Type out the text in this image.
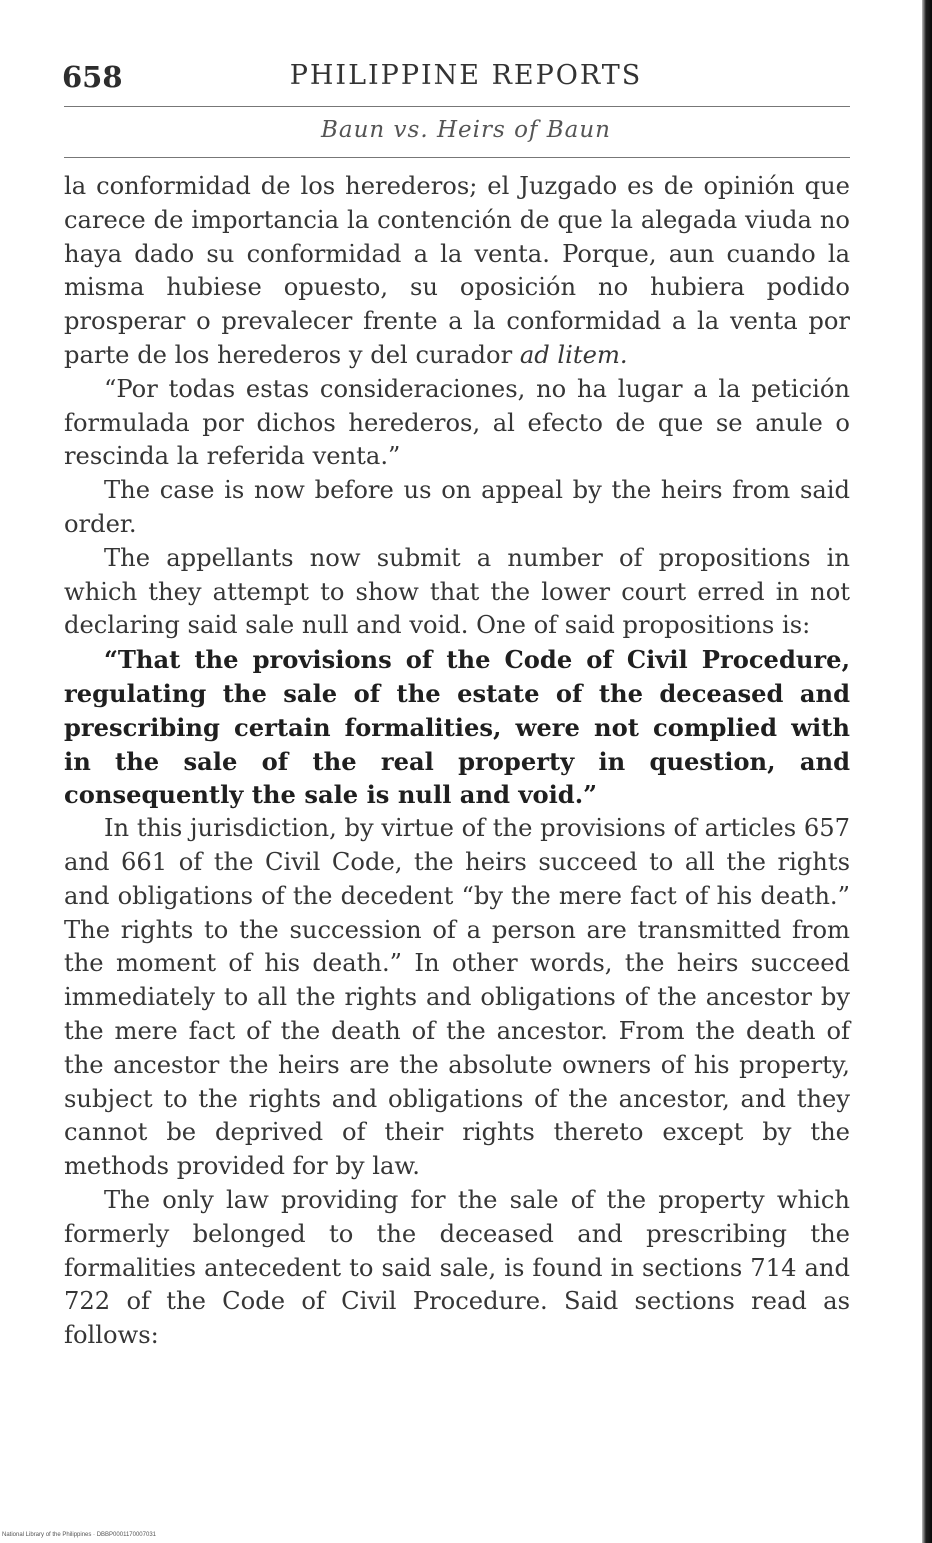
658	PHILIPPINE REPORTS
Baun vs. Heirs of Baun

la conformidad de los herederos; el Juzgado es de opinión que carece de importancia la contención de que la alegada viuda no haya dado su conformidad a la venta. Porque, aun cuando la misma hubiese opuesto, su oposición no hubiera podido prosperar o prevalecer frente a la conformidad a la venta por parte de los herederos y del curador ad litem.

“Por todas estas consideraciones, no ha lugar a la petición formulada por dichos herederos, al efecto de que se anule o rescinda la referida venta.”

The case is now before us on appeal by the heirs from said order.

The appellants now submit a number of propositions in which they attempt to show that the lower court erred in not declaring said sale null and void. One of said propositions is:

“That the provisions of the Code of Civil Procedure, regulating the sale of the estate of the deceased and prescribing certain formalities, were not complied with in the sale of the real property in question, and consequently the sale is null and void.”

In this jurisdiction, by virtue of the provisions of articles 657 and 661 of the Civil Code, the heirs succeed to all the rights and obligations of the decedent “by the mere fact of his death.” The rights to the succession of a person are transmitted from the moment of his death.” In other words, the heirs succeed immediately to all the rights and obligations of the ancestor by the mere fact of the death of the ancestor. From the death of the ancestor the heirs are the absolute owners of his property, subject to the rights and obligations of the ancestor, and they cannot be deprived of their rights thereto except by the methods provided for by law.

The only law providing for the sale of the property which formerly belonged to the deceased and prescribing the formalities antecedent to said sale, is found in sections 714 and 722 of the Code of Civil Procedure. Said sections read as follows:

National Library of the Philippines · DBBP0001170007031
